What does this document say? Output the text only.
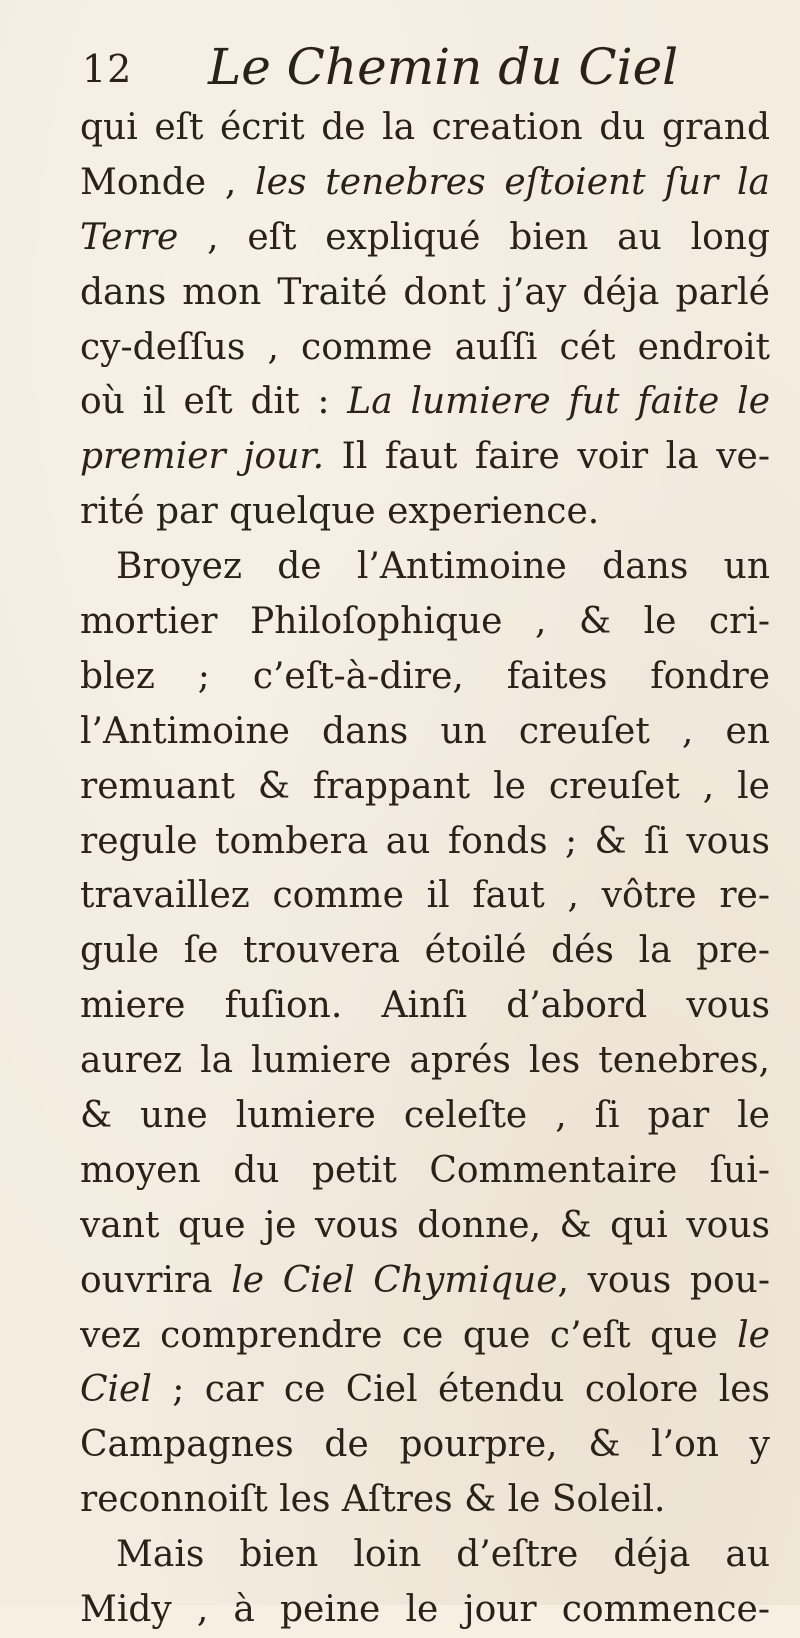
12 Le Chemin du Ciel
qui eſt écrit de la creation du grand
Monde , les tenebres eſtoient ſur la
Terre , eſt expliqué bien au long
dans mon Traité dont j’ay déja parlé
cy-deſſus , comme auſſi cét endroit
où il eſt dit : La lumiere fut faite le
premier jour. Il faut faire voir la ve-
rité par quelque experience.
Broyez de l’Antimoine dans un
mortier Philoſophique , & le cri-
blez ; c’eſt-à-dire, faites fondre
l’Antimoine dans un creuſet , en
remuant & frappant le creuſet , le
regule tombera au fonds ; & ſi vous
travaillez comme il faut , vôtre re-
gule ſe trouvera étoilé dés la pre-
miere fuſion. Ainſi d’abord vous
aurez la lumiere aprés les tenebres,
& une lumiere celeſte , ſi par le
moyen du petit Commentaire ſui-
vant que je vous donne, & qui vous
ouvrira le Ciel Chymique, vous pou-
vez comprendre ce que c’eſt que le
Ciel ; car ce Ciel étendu colore les
Campagnes de pourpre, & l’on y
reconnoiſt les Aſtres & le Soleil.
Mais bien loin d’eſtre déja au
Midy , à peine le jour commence-
